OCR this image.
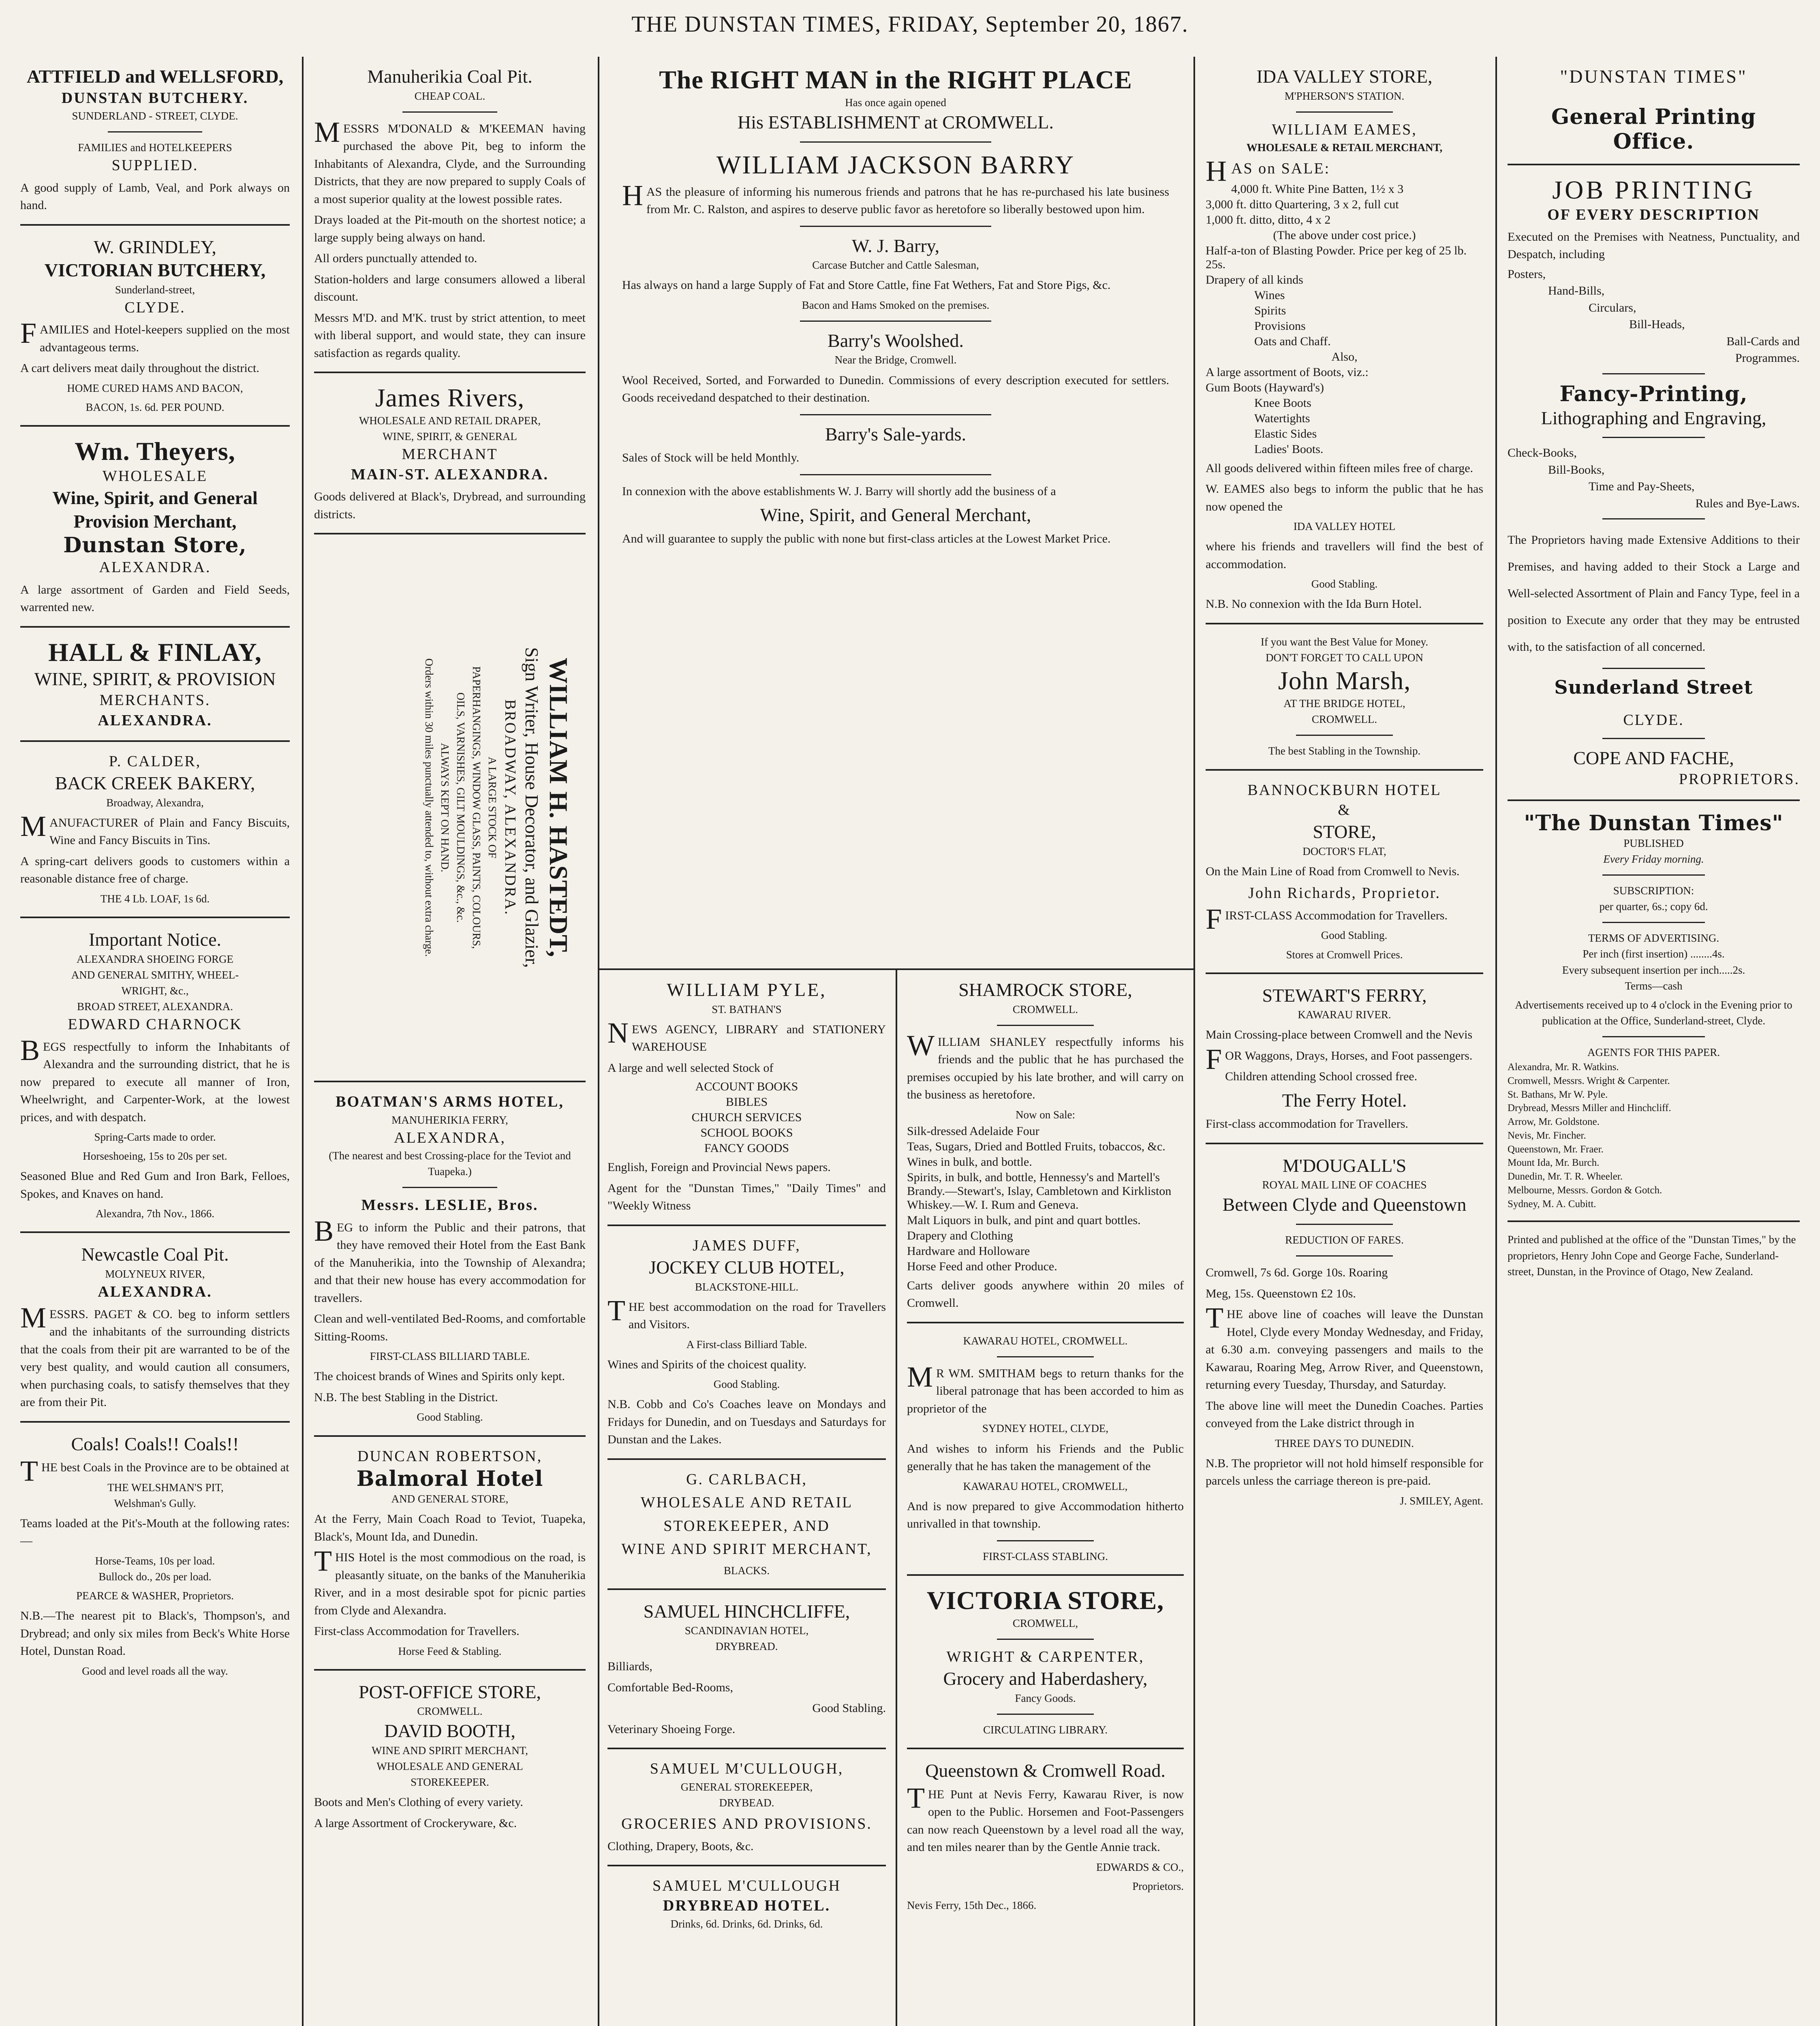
THE DUNSTAN TIMES, FRIDAY, September 20, 1867.
ATTFIELD and WELLSFORD,
DUNSTAN BUTCHERY.
SUNDERLAND - STREET, CLYDE.
FAMILIES and HOTELKEEPERS
SUPPLIED.

A good supply of Lamb, Veal, and Pork always on hand.

W. GRINDLEY,
VICTORIAN BUTCHERY,
Sunderland-street,
CLYDE.

FAMILIES and Hotel-keepers supplied on the most advantageous terms.

A cart delivers meat daily throughout the district.

HOME CURED HAMS AND BACON,

BACON, 1s. 6d. PER POUND.

Wm. Theyers,
WHOLESALE
Wine, Spirit, and General
Provision Merchant,
Dunstan Store,
ALEXANDRA.

A large assortment of Garden and Field Seeds, warrented new.

HALL & FINLAY,
WINE, SPIRIT, & PROVISION
MERCHANTS.
ALEXANDRA.
P. CALDER,
BACK CREEK BAKERY,
Broadway, Alexandra,

MANUFACTURER of Plain and Fancy Biscuits, Wine and Fancy Biscuits in Tins.

A spring-cart delivers goods to customers within a reasonable distance free of charge.

THE 4 Lb. LOAF, 1s 6d.

Important Notice.
ALEXANDRA SHOEING FORGE
AND GENERAL SMITHY, WHEEL-
WRIGHT, &c.,
BROAD STREET, ALEXANDRA.
EDWARD CHARNOCK

BEGS respectfully to inform the Inhabitants of Alexandra and the surrounding district, that he is now prepared to execute all manner of Iron, Wheelwright, and Carpenter-Work, at the lowest prices, and with despatch.

Spring-Carts made to order.

Horseshoeing, 15s to 20s per set.

Seasoned Blue and Red Gum and Iron Bark, Felloes, Spokes, and Knaves on hand.

Alexandra, 7th Nov., 1866.

Newcastle Coal Pit.
MOLYNEUX RIVER,
ALEXANDRA.

MESSRS. PAGET & CO. beg to inform settlers and the inhabitants of the surrounding districts that the coals from their pit are warranted to be of the very best quality, and would caution all consumers, when purchasing coals, to satisfy themselves that they are from their Pit.

Coals! Coals!! Coals!!

THE best Coals in the Province are to be obtained at

THE WELSHMAN'S PIT,
Welshman's Gully.

Teams loaded at the Pit's-Mouth at the following rates:—

Horse-Teams, 10s per load.
Bullock do., 20s per load.

PEARCE & WASHER, Proprietors.

N.B.—The nearest pit to Black's, Thompson's, and Drybread; and only six miles from Beck's White Horse Hotel, Dunstan Road.

Good and level roads all the way.

Manuherikia Coal Pit.
CHEAP COAL.

MESSRS M'DONALD & M'KEEMAN having purchased the above Pit, beg to inform the Inhabitants of Alexandra, Clyde, and the Surrounding Districts, that they are now prepared to supply Coals of a most superior quality at the lowest possible rates.

Drays loaded at the Pit-mouth on the shortest notice; a large supply being always on hand.

All orders punctually attended to.

Station-holders and large consumers allowed a liberal discount.

Messrs M'D. and M'K. trust by strict attention, to meet with liberal support, and would state, they can insure satisfaction as regards quality.

James Rivers,
WHOLESALE AND RETAIL DRAPER,
WINE, SPIRIT, & GENERAL
MERCHANT
MAIN-ST. ALEXANDRA.

Goods delivered at Black's, Drybread, and surrounding districts.

WILLIAM H. HASTEDT,
Sign Writer, House Decorator, and Glazier,
BROADWAY, ALEXANDRA.
A LARGE STOCK OF
PAPERHANGINGS, WINDOW GLASS, PAINTS, COLOURS,
OILS, VARNISHES, GILT MOULDINGS, &c., &c.
ALWAYS KEPT ON HAND.
Orders within 30 miles punctually attended to, without extra charge.
BOATMAN'S ARMS HOTEL,
MANUHERIKIA FERRY,
ALEXANDRA,
(The nearest and best Crossing-place for the Teviot and Tuapeka.)
Messrs. LESLIE, Bros.

BEG to inform the Public and their patrons, that they have removed their Hotel from the East Bank of the Manuherikia, into the Township of Alexandra; and that their new house has every accommodation for travellers.

Clean and well-ventilated Bed-Rooms, and comfortable Sitting-Rooms.

FIRST-CLASS BILLIARD TABLE.

The choicest brands of Wines and Spirits only kept.

N.B. The best Stabling in the District.

Good Stabling.

DUNCAN ROBERTSON,
Balmoral Hotel
AND GENERAL STORE,

At the Ferry, Main Coach Road to Teviot, Tuapeka, Black's, Mount Ida, and Dunedin.

THIS Hotel is the most commodious on the road, is pleasantly situate, on the banks of the Manuherikia River, and in a most desirable spot for picnic parties from Clyde and Alexandra.

First-class Accommodation for Travellers.

Horse Feed & Stabling.

POST-OFFICE STORE,
CROMWELL.
DAVID BOOTH,
WINE AND SPIRIT MERCHANT,
WHOLESALE AND GENERAL
STOREKEEPER.

Boots and Men's Clothing of every variety.

A large Assortment of Crockeryware, &c.

The RIGHT MAN in the RIGHT PLACE
Has once again opened
His ESTABLISHMENT at CROMWELL.
WILLIAM JACKSON BARRY

HAS the pleasure of informing his numerous friends and patrons that he has re-purchased his late business from Mr. C. Ralston, and aspires to deserve public favor as heretofore so liberally bestowed upon him.

W. J. Barry,
Carcase Butcher and Cattle Salesman,

Has always on hand a large Supply of Fat and Store Cattle, fine Fat Wethers, Fat and Store Pigs, &c.

Bacon and Hams Smoked on the premises.

Barry's Woolshed.
Near the Bridge, Cromwell.

Wool Received, Sorted, and Forwarded to Dunedin. Commissions of every description executed for settlers. Goods receivedand despatched to their destination.

Barry's Sale-yards.

Sales of Stock will be held Monthly.

In connexion with the above establishments W. J. Barry will shortly add the business of a

Wine, Spirit, and General Merchant,

And will guarantee to supply the public with none but first-class articles at the Lowest Market Price.

WILLIAM PYLE,
ST. BATHAN'S

NEWS AGENCY, LIBRARY and STATIONERY WAREHOUSE

A large and well selected Stock of

ACCOUNT BOOKS

BIBLES

CHURCH SERVICES

SCHOOL BOOKS

FANCY GOODS

English, Foreign and Provincial News papers.

Agent for the "Dunstan Times," "Daily Times" and "Weekly Witness

JAMES DUFF,
JOCKEY CLUB HOTEL,
BLACKSTONE-HILL.

THE best accommodation on the road for Travellers and Visitors.

A First-class Billiard Table.

Wines and Spirits of the choicest quality.

Good Stabling.

N.B. Cobb and Co's Coaches leave on Mondays and Fridays for Dunedin, and on Tuesdays and Saturdays for Dunstan and the Lakes.

G. CARLBACH,

WHOLESALE AND RETAIL

STOREKEEPER, AND

WINE AND SPIRIT MERCHANT,

BLACKS.

SAMUEL HINCHCLIFFE,
SCANDINAVIAN HOTEL,
DRYBREAD.

Billiards,

Comfortable Bed-Rooms,

Good Stabling.

Veterinary Shoeing Forge.

SAMUEL M'CULLOUGH,
GENERAL STOREKEEPER,
DRYBEAD.

GROCERIES AND PROVISIONS.

Clothing, Drapery, Boots, &c.

SAMUEL M'CULLOUGH
DRYBREAD HOTEL.
Drinks, 6d. Drinks, 6d. Drinks, 6d.
SHAMROCK STORE,
CROMWELL.

WILLIAM SHANLEY respectfully informs his friends and the public that he has purchased the premises occupied by his late brother, and will carry on the business as heretofore.

Now on Sale:

Silk-dressed Adelaide Four

Teas, Sugars, Dried and Bottled Fruits, tobaccos, &c.

Wines in bulk, and bottle.

Spirits, in bulk, and bottle, Hennessy's and Martell's Brandy.—Stewart's, Islay, Cambletown and Kirkliston Whiskey.—W. I. Rum and Geneva.

Malt Liquors in bulk, and pint and quart bottles.

Drapery and Clothing

Hardware and Holloware

Horse Feed and other Produce.

Carts deliver goods anywhere within 20 miles of Cromwell.

KAWARAU HOTEL, CROMWELL.

MR WM. SMITHAM begs to return thanks for the liberal patronage that has been accorded to him as proprietor of the

SYDNEY HOTEL, CLYDE,

And wishes to inform his Friends and the Public generally that he has taken the management of the

KAWARAU HOTEL, CROMWELL,

And is now prepared to give Accommodation hitherto unrivalled in that township.

FIRST-CLASS STABLING.
VICTORIA STORE,
CROMWELL,
WRIGHT & CARPENTER,
Grocery and Haberdashery,
Fancy Goods.
CIRCULATING LIBRARY.
Queenstown & Cromwell Road.

THE Punt at Nevis Ferry, Kawarau River, is now open to the Public. Horsemen and Foot-Passengers can now reach Queenstown by a level road all the way, and ten miles nearer than by the Gentle Annie track.

EDWARDS & CO.,

Proprietors.

Nevis Ferry, 15th Dec., 1866.

IDA VALLEY STORE,
M'PHERSON'S STATION.
WILLIAM EAMES,
WHOLESALE & RETAIL MERCHANT,

HAS on SALE:

4,000 ft. White Pine Batten, 1½ x 3

3,000 ft. ditto Quartering, 3 x 2, full cut

1,000 ft. ditto, ditto, 4 x 2

(The above under cost price.)

Half-a-ton of Blasting Powder. Price per keg of 25 lb. 25s.

Drapery of all kinds

Wines

Spirits

Provisions

Oats and Chaff.

Also,

A large assortment of Boots, viz.:

Gum Boots (Hayward's)

Knee Boots

Watertights

Elastic Sides

Ladies' Boots.

All goods delivered within fifteen miles free of charge.

W. EAMES also begs to inform the public that he has now opened the

IDA VALLEY HOTEL

where his friends and travellers will find the best of accommodation.

Good Stabling.

N.B. No connexion with the Ida Burn Hotel.

If you want the Best Value for Money.
DON'T FORGET TO CALL UPON
John Marsh,
AT THE BRIDGE HOTEL,
CROMWELL.

The best Stabling in the Township.

BANNOCKBURN HOTEL
&
STORE,
DOCTOR'S FLAT,

On the Main Line of Road from Cromwell to Nevis.

John Richards, Proprietor.

FIRST-CLASS Accommodation for Travellers.

Good Stabling.

Stores at Cromwell Prices.

STEWART'S FERRY,
KAWARAU RIVER.

Main Crossing-place between Cromwell and the Nevis

FOR Waggons, Drays, Horses, and Foot passengers.

Children attending School crossed free.

The Ferry Hotel.

First-class accommodation for Travellers.

M'DOUGALL'S
ROYAL MAIL LINE OF COACHES
Between Clyde and Queenstown
REDUCTION OF FARES.

Cromwell, 7s 6d. Gorge 10s. Roaring

Meg, 15s. Queenstown £2 10s.

THE above line of coaches will leave the Dunstan Hotel, Clyde every Monday Wednesday, and Friday, at 6.30 a.m. conveying passengers and mails to the Kawarau, Roaring Meg, Arrow River, and Queenstown, returning every Tuesday, Thursday, and Saturday.

The above line will meet the Dunedin Coaches. Parties conveyed from the Lake district through in

THREE DAYS TO DUNEDIN.

N.B. The proprietor will not hold himself responsible for parcels unless the carriage thereon is pre-paid.

J. SMILEY, Agent.

"DUNSTAN TIMES"
General Printing Office.
JOB PRINTING
OF EVERY DESCRIPTION

Executed on the Premises with Neatness, Punctuality, and Despatch, including

Posters,

Hand-Bills,

Circulars,

Bill-Heads,

Ball-Cards and

Programmes.

Fancy-Printing,
Lithographing and Engraving,

Check-Books,

Bill-Books,

Time and Pay-Sheets,

Rules and Bye-Laws.

The Proprietors having made Extensive Additions to their Premises, and having added to their Stock a Large and Well-selected Assortment of Plain and Fancy Type, feel in a position to Execute any order that they may be entrusted with, to the satisfaction of all concerned.

Sunderland Street
CLYDE.
COPE AND FACHE,
PROPRIETORS.
"The Dunstan Times"
PUBLISHED
Every Friday morning.
SUBSCRIPTION:
per quarter, 6s.; copy 6d.
TERMS OF ADVERTISING.
Per inch (first insertion) ........4s.
Every subsequent insertion per inch.....2s.
Terms—cash

Advertisements received up to 4 o'clock in the Evening prior to publication at the Office, Sunderland-street, Clyde.

AGENTS FOR THIS PAPER.
Alexandra, Mr. R. Watkins.
Cromwell, Messrs. Wright & Carpenter.
St. Bathans, Mr W. Pyle.
Drybread, Messrs Miller and Hinchcliff.
Arrow, Mr. Goldstone.
Nevis, Mr. Fincher.
Queenstown, Mr. Fraer.
Mount Ida, Mr. Burch.
Dunedin, Mr. T. R. Wheeler.
Melbourne, Messrs. Gordon & Gotch.
Sydney, M. A. Cubitt.

Printed and published at the office of the "Dunstan Times," by the proprietors, Henry John Cope and George Fache, Sunderland-street, Dunstan, in the Province of Otago, New Zealand.
